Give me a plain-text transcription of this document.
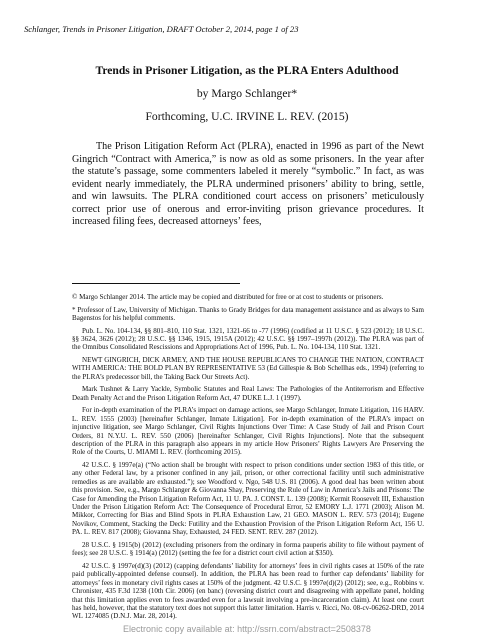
Schlanger, Trends in Prisoner Litigation, DRAFT October 2, 2014, page 1 of 23
Trends in Prisoner Litigation, as the PLRA Enters Adulthood
by Margo Schlanger*
Forthcoming, U.C. IRVINE L. REV. (2015)

The Prison Litigation Reform Act (PLRA), enacted in 1996 as part of the Newt Gingrich “Contract with America,” is now as old as some prisoners. In the year after the statute’s passage, some commenters labeled it merely “symbolic.” In fact, as was evident nearly immediately, the PLRA undermined prisoners’ ability to bring, settle, and win lawsuits. The PLRA conditioned court access on prisoners’ meticulously correct prior use of onerous and error-inviting prison grievance procedures. It increased filing fees, decreased attorneys’ fees,

© Margo Schlanger 2014. The article may be copied and distributed for free or at cost to students or prisoners.

* Professor of Law, University of Michigan. Thanks to Grady Bridges for data management assistance and as always to Sam Bagenstos for his helpful comments.

Pub. L. No. 104-134, §§ 801–810, 110 Stat. 1321, 1321-66 to -77 (1996) (codified at 11 U.S.C. § 523 (2012); 18 U.S.C. §§ 3624, 3626 (2012); 28 U.S.C. §§ 1346, 1915, 1915A (2012); 42 U.S.C. §§ 1997–1997h (2012)). The PLRA was part of the Omnibus Consolidated Rescissions and Appropriations Act of 1996, Pub. L. No. 104-134, 110 Stat. 1321.

NEWT GINGRICH, DICK ARMEY, AND THE HOUSE REPUBLICANS TO CHANGE THE NATION, CONTRACT WITH AMERICA: THE BOLD PLAN BY REPRESENTATIVE 53 (Ed Gillespie & Bob Schellhas eds., 1994) (referring to the PLRA’s predecessor bill, the Taking Back Our Streets Act).

Mark Tushnet & Larry Yackle, Symbolic Statutes and Real Laws: The Pathologies of the Antiterrorism and Effective Death Penalty Act and the Prison Litigation Reform Act, 47 DUKE L.J. 1 (1997).

For in-depth examination of the PLRA’s impact on damage actions, see Margo Schlanger, Inmate Litigation, 116 HARV. L. REV. 1555 (2003) [hereinafter Schlanger, Inmate Litigation]. For in-depth examination of the PLRA’s impact on injunctive litigation, see Margo Schlanger, Civil Rights Injunctions Over Time: A Case Study of Jail and Prison Court Orders, 81 N.Y.U. L. REV. 550 (2006) [hereinafter Schlanger, Civil Rights Injunctions]. Note that the subsequent description of the PLRA in this paragraph also appears in my article How Prisoners’ Rights Lawyers Are Preserving the Role of the Courts, U. MIAMI L. REV. (forthcoming 2015).

42 U.S.C. § 1997e(a) (“No action shall be brought with respect to prison conditions under section 1983 of this title, or any other Federal law, by a prisoner confined in any jail, prison, or other correctional facility until such administrative remedies as are available are exhausted.”); see Woodford v. Ngo, 548 U.S. 81 (2006). A good deal has been written about this provision. See, e.g., Margo Schlanger & Giovanna Shay, Preserving the Rule of Law in America’s Jails and Prisons: The Case for Amending the Prison Litigation Reform Act, 11 U. PA. J. CONST. L. 139 (2008); Kermit Roosevelt III, Exhaustion Under the Prison Litigation Reform Act: The Consequence of Procedural Error, 52 EMORY L.J. 1771 (2003); Alison M. Mikkor, Correcting for Bias and Blind Spots in PLRA Exhaustion Law, 21 GEO. MASON L. REV. 573 (2014); Eugene Novikov, Comment, Stacking the Deck: Futility and the Exhaustion Provision of the Prison Litigation Reform Act, 156 U. PA. L. REV. 817 (2008); Giovanna Shay, Exhausted, 24 FED. SENT. REV. 287 (2012).

28 U.S.C. § 1915(b) (2012) (excluding prisoners from the ordinary in forma pauperis ability to file without payment of fees); see 28 U.S.C. § 1914(a) (2012) (setting the fee for a district court civil action at $350).

42 U.S.C. § 1997e(d)(3) (2012) (capping defendants’ liability for attorneys’ fees in civil rights cases at 150% of the rate paid publically-appointed defense counsel). In addition, the PLRA has been read to further cap defendants’ liability for attorneys’ fees in monetary civil rights cases at 150% of the judgment. 42 U.S.C. § 1997e(d)(2) (2012); see, e.g., Robbins v. Chronister, 435 F.3d 1238 (10th Cir. 2006) (en banc) (reversing district court and disagreeing with appellate panel, holding that this limitation applies even to fees awarded even for a lawsuit involving a pre-incarceration claim). At least one court has held, however, that the statutory text does not support this latter limitation. Harris v. Ricci, No. 08-cv-06262-DRD, 2014 WL 1274085 (D.N.J. Mar. 28, 2014).

Electronic copy available at: http://ssrn.com/abstract=2508378
